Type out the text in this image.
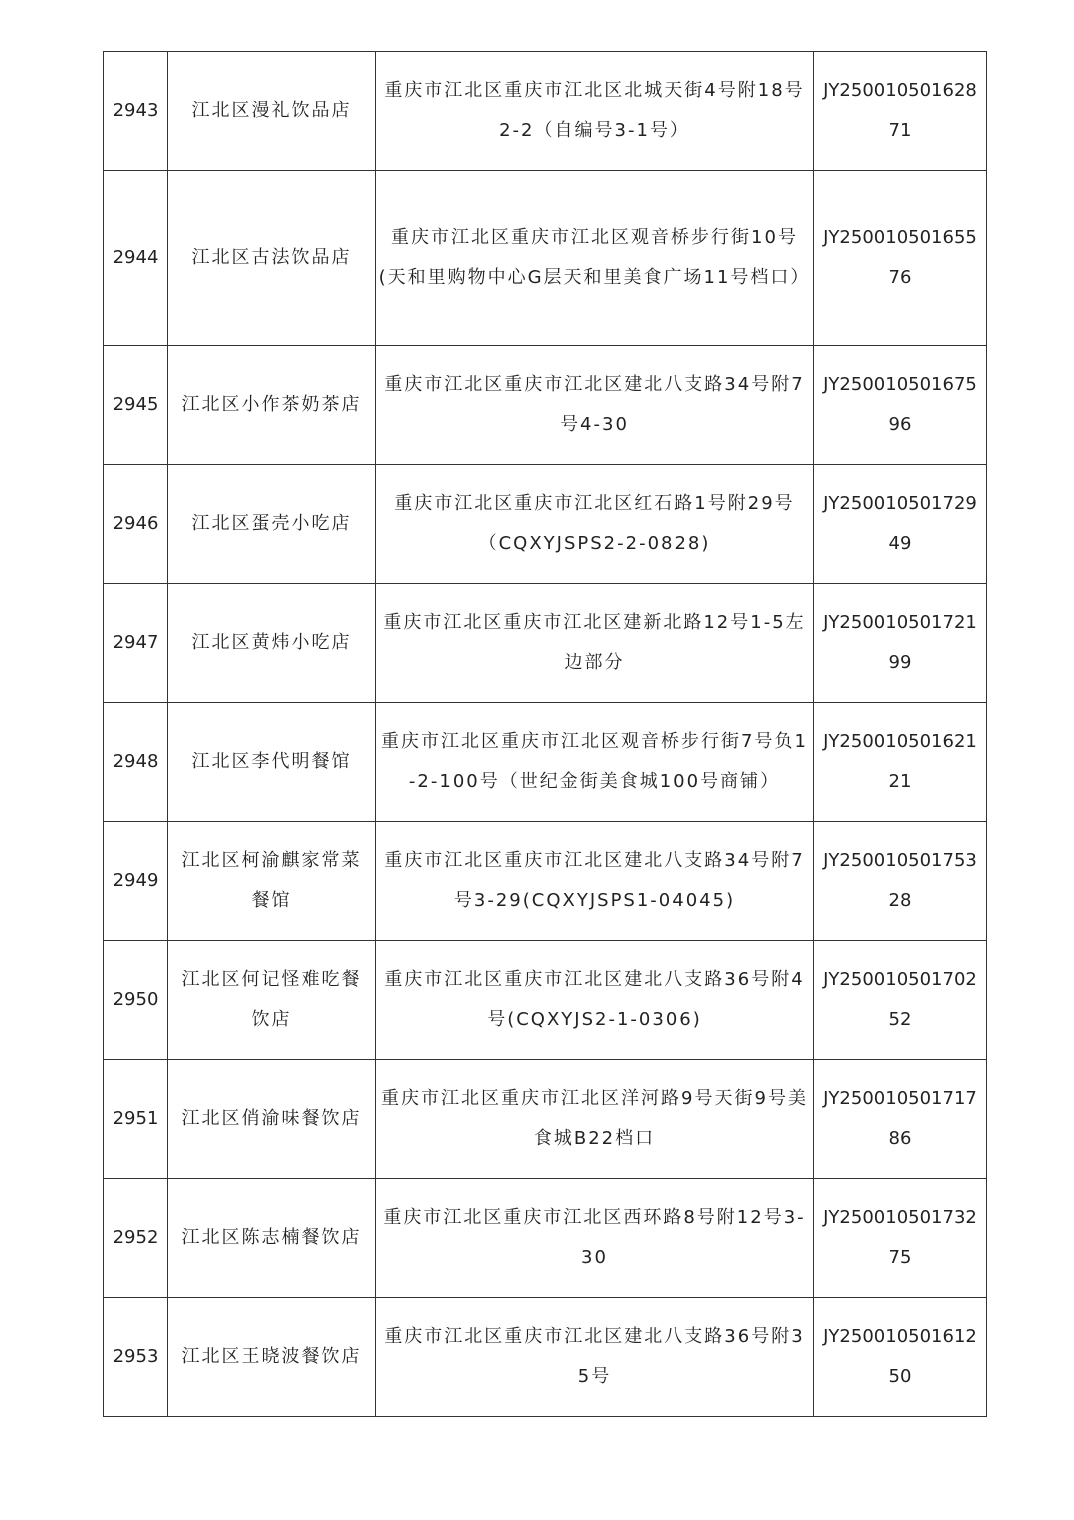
2943	江北区漫礼饮品店	重庆市江北区重庆市江北区北城天街4号附18号2-2（自编号3-1号）	JY25001050162871
2944	江北区古法饮品店	重庆市江北区重庆市江北区观音桥步行街10号(天和里购物中心G层天和里美食广场11号档口）	JY25001050165576
2945	江北区小作茶奶茶店	重庆市江北区重庆市江北区建北八支路34号附7号4-30	JY25001050167596
2946	江北区蛋壳小吃店	重庆市江北区重庆市江北区红石路1号附29号（CQXYJSPS2-2-0828)	JY25001050172949
2947	江北区黄炜小吃店	重庆市江北区重庆市江北区建新北路12号1-5左边部分	JY25001050172199
2948	江北区李代明餐馆	重庆市江北区重庆市江北区观音桥步行街7号负1-2-100号（世纪金街美食城100号商铺）	JY25001050162121
2949	江北区柯渝麒家常菜餐馆	重庆市江北区重庆市江北区建北八支路34号附7号3-29(CQXYJSPS1-04045)	JY25001050175328
2950	江北区何记怪难吃餐饮店	重庆市江北区重庆市江北区建北八支路36号附4号(CQXYJS2-1-0306)	JY25001050170252
2951	江北区俏渝味餐饮店	重庆市江北区重庆市江北区洋河路9号天街9号美食城B22档口	JY25001050171786
2952	江北区陈志楠餐饮店	重庆市江北区重庆市江北区西环路8号附12号3-30	JY25001050173275
2953	江北区王晓波餐饮店	重庆市江北区重庆市江北区建北八支路36号附35号	JY25001050161250
